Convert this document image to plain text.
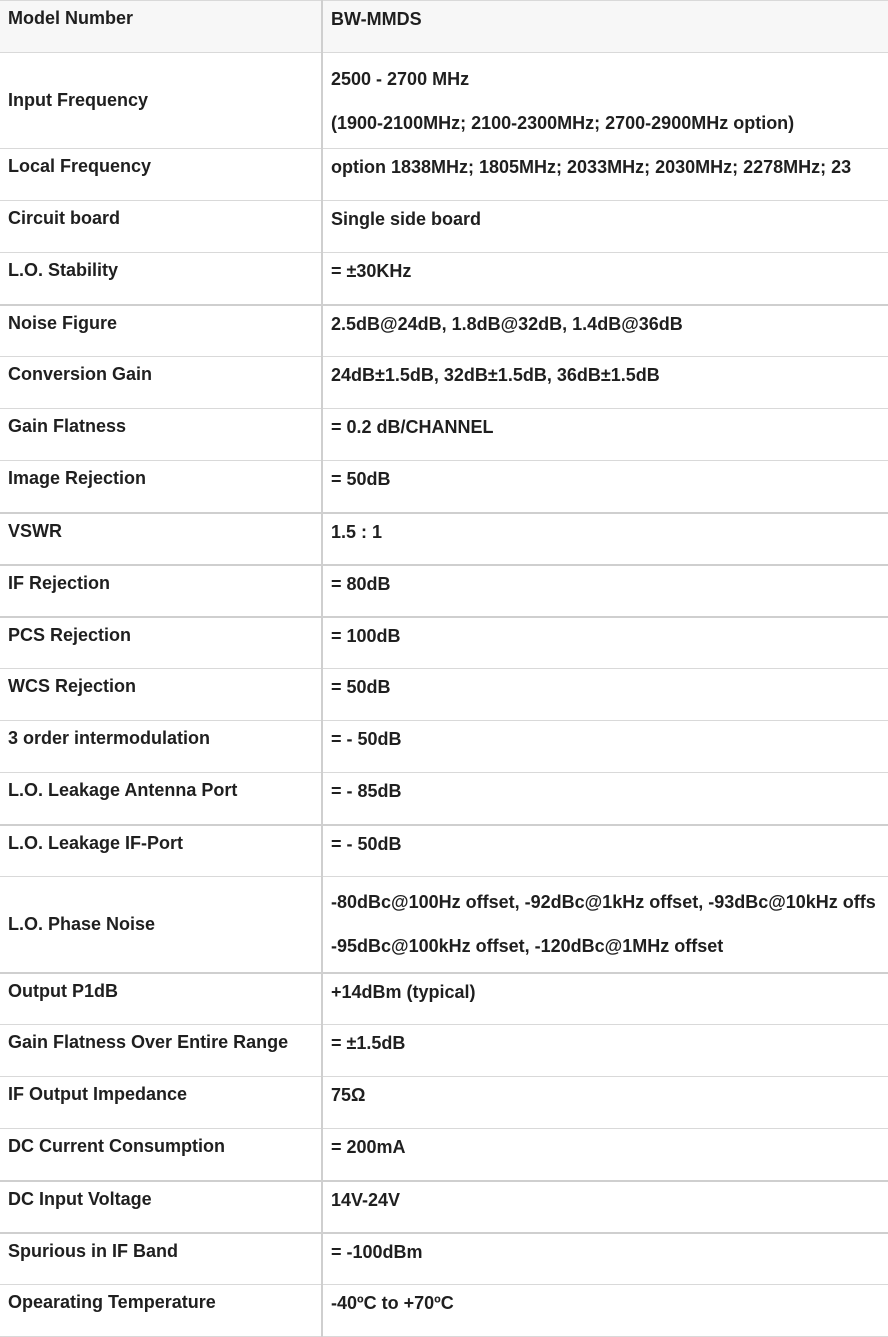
Model Number	BW-MMDS

Input Frequency	2500 - 2700 MHz
(1900-2100MHz; 2100-2300MHz; 2700-2900MHz option)

Local Frequency	option 1838MHz; 1805MHz; 2033MHz; 2030MHz; 2278MHz; 23

Circuit board	Single side board

L.O. Stability	= ±30KHz

Noise Figure	2.5dB@24dB, 1.8dB@32dB, 1.4dB@36dB

Conversion Gain	24dB±1.5dB, 32dB±1.5dB, 36dB±1.5dB

Gain Flatness	= 0.2 dB/CHANNEL

Image Rejection	= 50dB

VSWR	1.5 : 1

IF Rejection	= 80dB

PCS Rejection	= 100dB

WCS Rejection	= 50dB

3 order intermodulation	= - 50dB

L.O. Leakage Antenna Port	= - 85dB

L.O. Leakage IF-Port	= - 50dB

L.O. Phase Noise	-80dBc@100Hz offset, -92dBc@1kHz offset, -93dBc@10kHz offs
-95dBc@100kHz offset, -120dBc@1MHz offset

Output P1dB	+14dBm (typical)

Gain Flatness Over Entire Range	= ±1.5dB

IF Output Impedance	75Ω

DC Current Consumption	= 200mA

DC Input Voltage	14V-24V

Spurious in IF Band	= -100dBm

Opearating Temperature	-40ºC to +70ºC
